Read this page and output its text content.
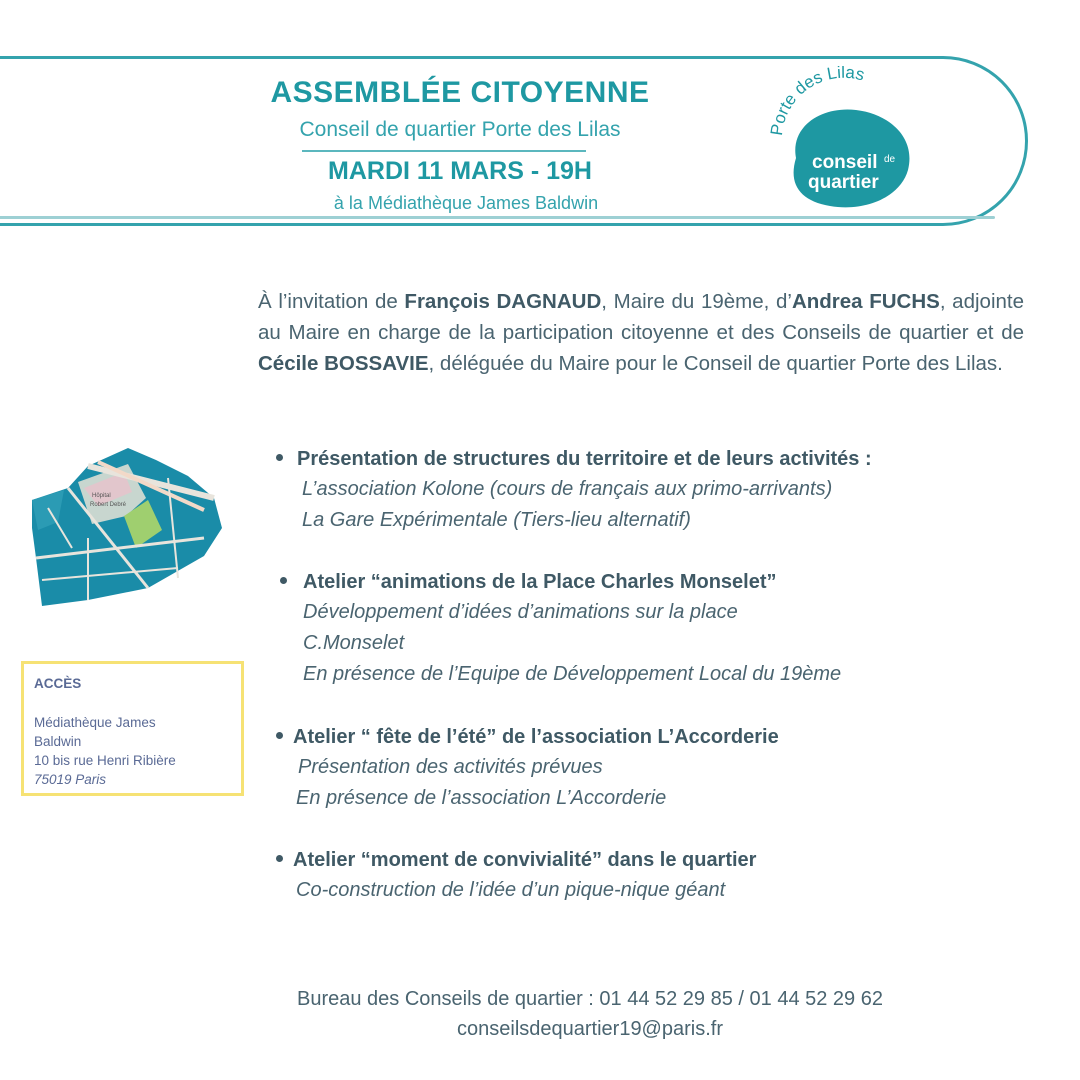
ASSEMBLÉE CITOYENNE
Conseil de quartier Porte des Lilas
MARDI 11 MARS - 19H
à la Médiathèque James Baldwin
Porte des Lilas
conseil de
quartier
À l’invitation de François DAGNAUD, Maire du 19ème, d’Andrea FUCHS, adjointe au Maire en charge de la participation citoyenne et des Conseils de quartier et de Cécile BOSSAVIE, déléguée du Maire pour le Conseil de quartier Porte des Lilas.
Présentation de structures du territoire et de leurs activités :
L’association Kolone (cours de français aux primo-arrivants)
La Gare Expérimentale (Tiers-lieu alternatif)
Atelier “animations de la Place Charles Monselet”
Développement d’idées d’animations sur la place
C.Monselet
En présence de l’Equipe de Développement Local du 19ème
Atelier “ fête de l’été” de l’association L’Accorderie
Présentation des activités prévues
En présence de l’association L’Accorderie
Atelier “moment de convivialité” dans le quartier
Co-construction de l’idée d’un pique-nique géant
Hôpital
Robert Debré
ACCÈS
Médiathèque James
Baldwin
10 bis rue Henri Ribière
75019 Paris
Bureau des Conseils de quartier : 01 44 52 29 85 / 01 44 52 29 62
conseilsdequartier19@paris.fr
